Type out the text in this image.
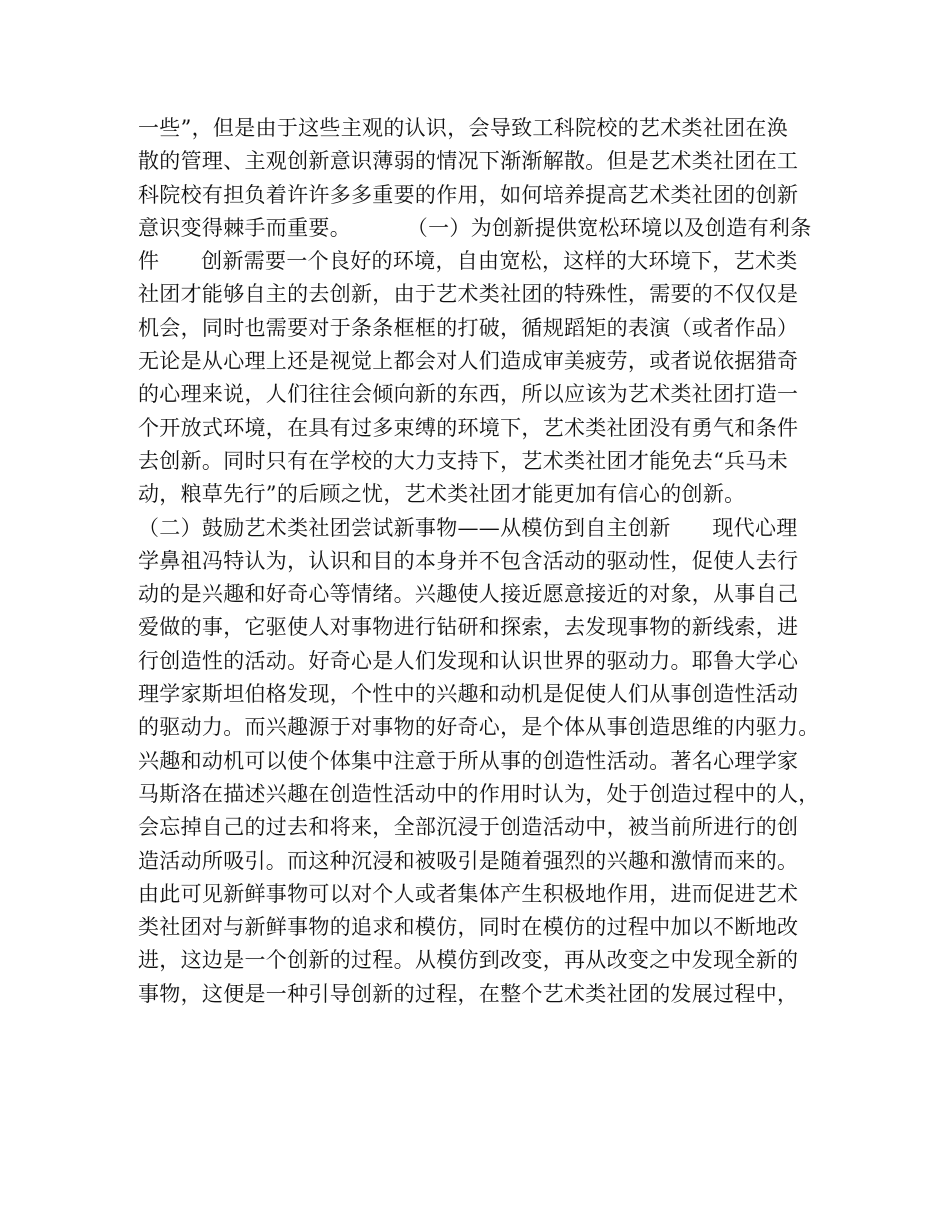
一些”，但是由于这些主观的认识，会导致工科院校的艺术类社团在涣
散的管理、主观创新意识薄弱的情况下渐渐解散。但是艺术类社团在工
科院校有担负着许许多多重要的作用，如何培养提高艺术类社团的创新
意识变得棘手而重要。        （一）为创新提供宽松环境以及创造有利条
件      创新需要一个良好的环境，自由宽松，这样的大环境下，艺术类
社团才能够自主的去创新，由于艺术类社团的特殊性，需要的不仅仅是
机会，同时也需要对于条条框框的打破，循规蹈矩的表演（或者作品）
无论是从心理上还是视觉上都会对人们造成审美疲劳，或者说依据猎奇
的心理来说，人们往往会倾向新的东西，所以应该为艺术类社团打造一
个开放式环境，在具有过多束缚的环境下，艺术类社团没有勇气和条件
去创新。同时只有在学校的大力支持下，艺术类社团才能免去“兵马未
动，粮草先行”的后顾之忧，艺术类社团才能更加有信心的创新。
（二）鼓励艺术类社团尝试新事物——从模仿到自主创新      现代心理
学鼻祖冯特认为，认识和目的本身并不包含活动的驱动性，促使人去行
动的是兴趣和好奇心等情绪。兴趣使人接近愿意接近的对象，从事自己
爱做的事，它驱使人对事物进行钻研和探索，去发现事物的新线索，进
行创造性的活动。好奇心是人们发现和认识世界的驱动力。耶鲁大学心
理学家斯坦伯格发现，个性中的兴趣和动机是促使人们从事创造性活动
的驱动力。而兴趣源于对事物的好奇心，是个体从事创造思维的内驱力。
兴趣和动机可以使个体集中注意于所从事的创造性活动。著名心理学家
马斯洛在描述兴趣在创造性活动中的作用时认为，处于创造过程中的人，
会忘掉自己的过去和将来，全部沉浸于创造活动中，被当前所进行的创
造活动所吸引。而这种沉浸和被吸引是随着强烈的兴趣和激情而来的。
由此可见新鲜事物可以对个人或者集体产生积极地作用，进而促进艺术
类社团对与新鲜事物的追求和模仿，同时在模仿的过程中加以不断地改
进，这边是一个创新的过程。从模仿到改变，再从改变之中发现全新的
事物，这便是一种引导创新的过程，在整个艺术类社团的发展过程中，
